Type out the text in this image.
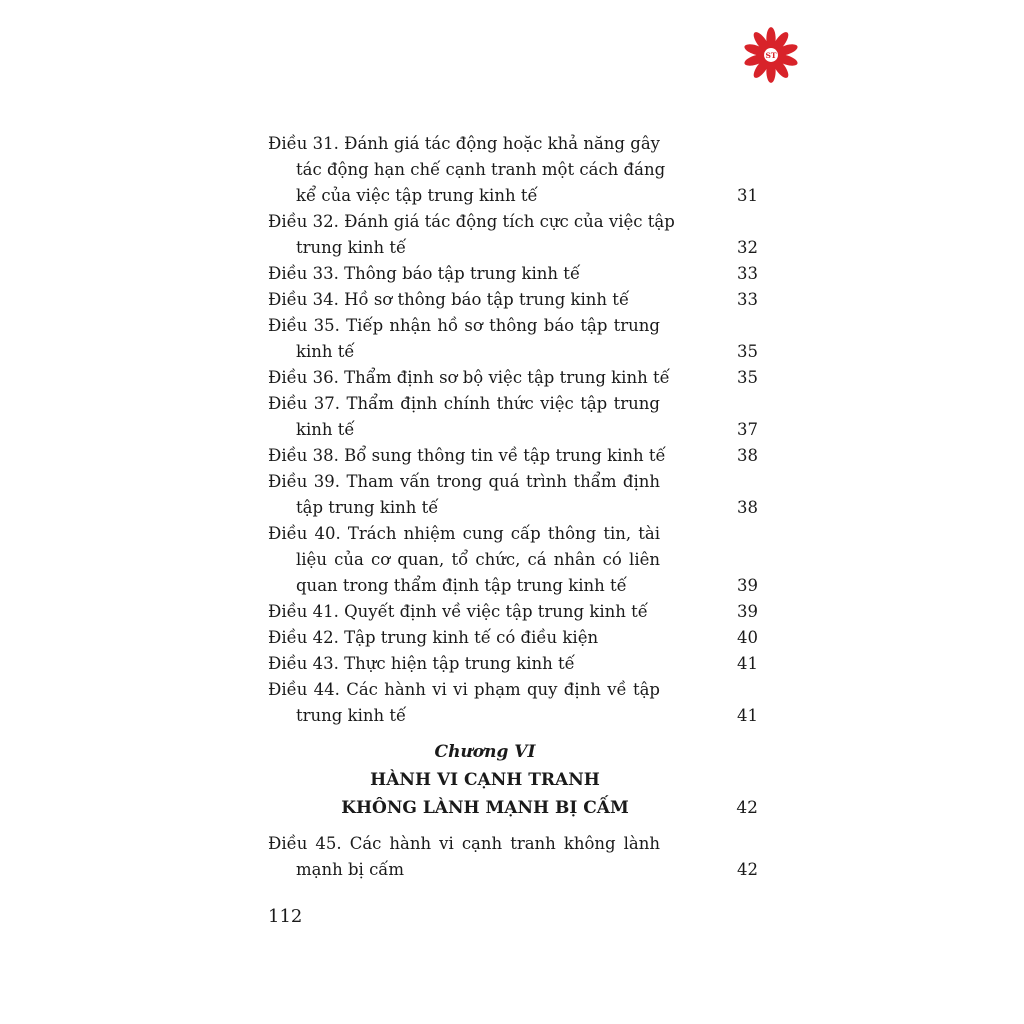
ST
Điều 31. Đánh giá tác động hoặc khả năng gây
tác động hạn chế cạnh tranh một cách đáng
kể của việc tập trung kinh tế	31
Điều 32. Đánh giá tác động tích cực của việc tập
trung kinh tế	32
Điều 33. Thông báo tập trung kinh tế	33
Điều 34. Hồ sơ thông báo tập trung kinh tế	33
Điều 35. Tiếp nhận hồ sơ thông báo tập trung
kinh tế	35
Điều 36. Thẩm định sơ bộ việc tập trung kinh tế	35
Điều 37. Thẩm định chính thức việc tập trung
kinh tế	37
Điều 38. Bổ sung thông tin về tập trung kinh tế	38
Điều 39. Tham vấn trong quá trình thẩm định
tập trung kinh tế	38
Điều 40. Trách nhiệm cung cấp thông tin, tài
liệu của cơ quan, tổ chức, cá nhân có liên
quan trong thẩm định tập trung kinh tế	39
Điều 41. Quyết định về việc tập trung kinh tế	39
Điều 42. Tập trung kinh tế có điều kiện	40
Điều 43. Thực hiện tập trung kinh tế	41
Điều 44. Các hành vi vi phạm quy định về tập
trung kinh tế	41
Chương VI
HÀNH VI CẠNH TRANH
KHÔNG LÀNH MẠNH BỊ CẤM	42
Điều 45. Các hành vi cạnh tranh không lành
mạnh bị cấm	42
112
